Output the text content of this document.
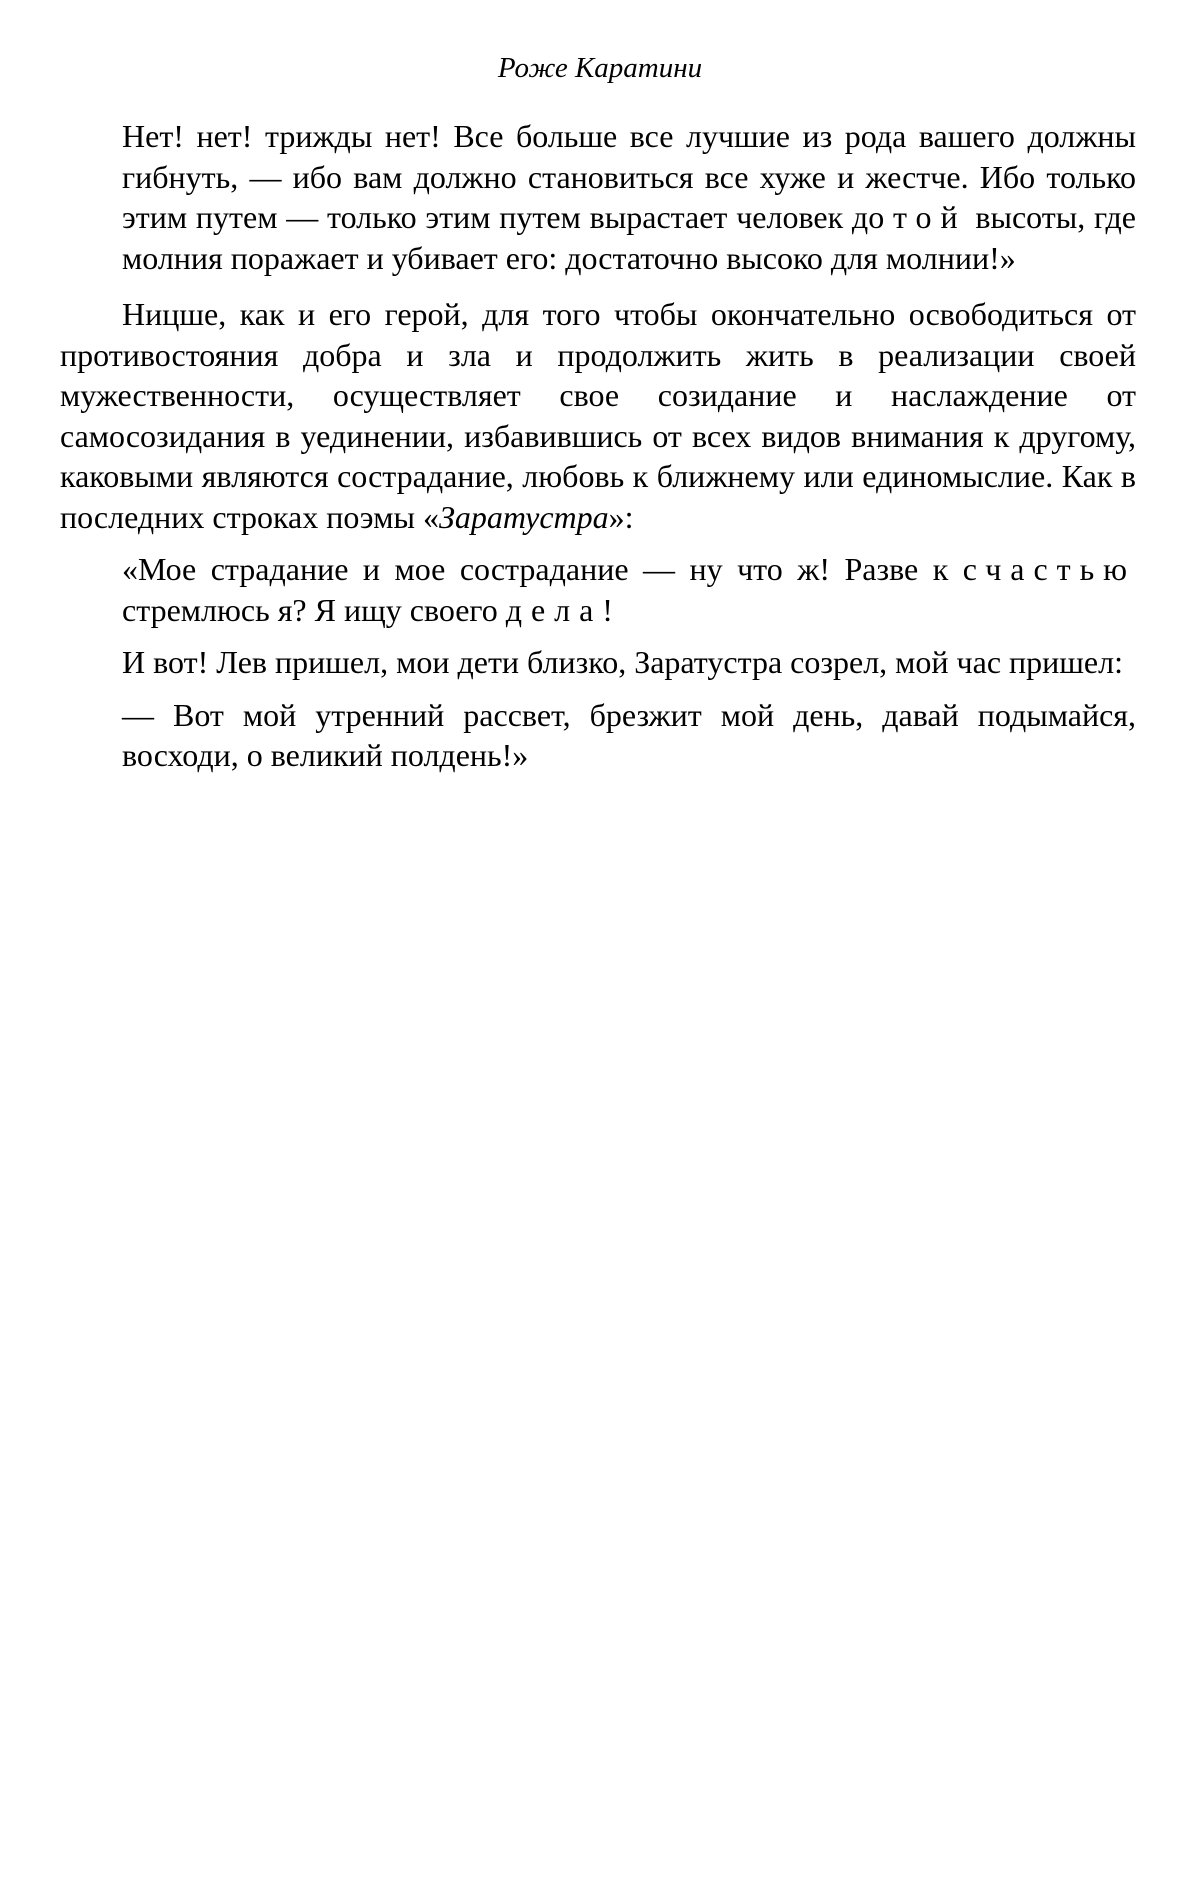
Роже Каратини

Нет! нет! трижды нет! Все больше все лучшие из рода вашего должны гибнуть, — ибо вам должно становиться все хуже и жестче. Ибо только этим путем — только этим путем вырастает человек до той высоты, где молния поражает и убивает его: достаточно высоко для молнии!»

Ницше, как и его герой, для того чтобы окончательно освободиться от противостояния добра и зла и продолжить жить в реализации своей мужественности, осуществляет свое созидание и наслаждение от самосозидания в уединении, избавившись от всех видов внимания к другому, каковыми являются сострадание, любовь к ближнему или единомыслие. Как в последних строках поэмы «Заратустра»:

«Мое страдание и мое сострадание — ну что ж! Разве к счастью стремлюсь я? Я ищу своего дела!

И вот! Лев пришел, мои дети близко, Заратустра созрел, мой час пришел:

— Вот мой утренний рассвет, брезжит мой день, давай подымайся, восходи, о великий полдень!»
